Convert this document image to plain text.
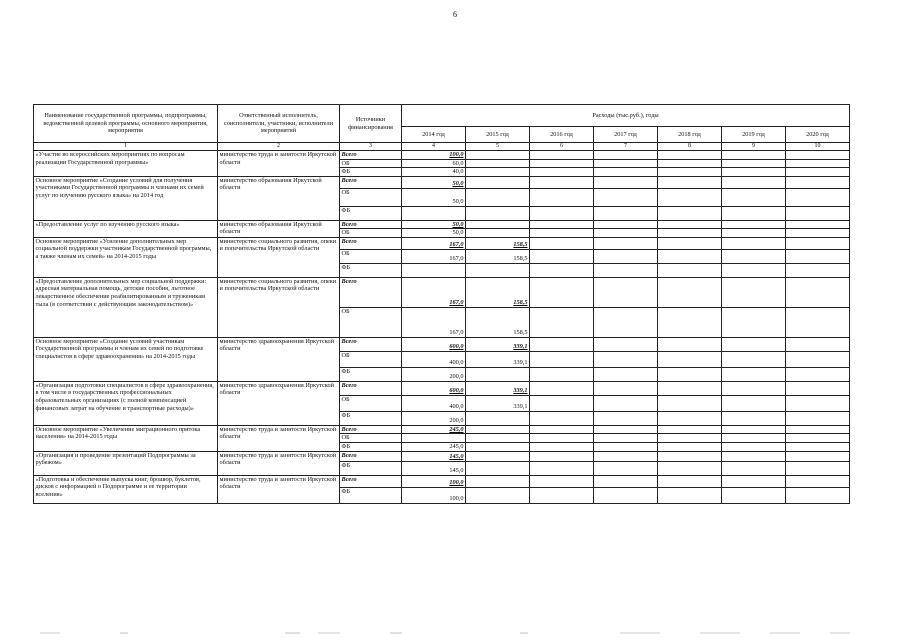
6
Наименование государственной программы, подпрограммы, ведомственной целевой программы, основного мероприятия, мероприятия	Ответственный исполнитель, соисполнители, участники, исполнители мероприятий	Источники финансирования	Расходы (тыс.руб.), годы						
			2014 год	2015 год	2016 год	2017 год	2018 год	2019 год	2020 год
1	2	3	4	5	6	7	8	9	10
«Участие во всероссийских мероприятиях по вопросам реализации Государственной программы»	министерство труда и занятости Иркутской области	Всего	100,0						
		ОБ	60,0						
		ФБ	40,0						
Основное мероприятие «Создание условий для получения участниками Государственной программы и членами их семей услуг по изучению русского языка» на 2014 год	министерство образования Иркутской области	Всего	50,0						
		ОБ	50,0						
		ФБ							
«Предоставление услуг по изучению русского языка»	министерство образования Иркутской области	Всего	50,0						
		ОБ	50,0						
Основное мероприятие «Усиление дополнительных мер социальной поддержки участникам Государственной программы, а также членам их семей» на 2014-2015 годы	министерство социального развития, опеки и попечительства Иркутской области	Всего	167,0	158,5					
		ОБ	167,0	158,5					
		ФБ							
«Предоставление дополнительных мер социальной поддержки: адресная материальная помощь, детские пособия, льготное лекарственное обеспечение реабилитированным и труженикам тыла (в соответствии с действующим законодательством)»	министерство социального развития, опеки и попечительства Иркутской области	Всего	167,0	158,5					
		ОБ	167,0	158,5					
Основное мероприятие «Создание условий участникам Государственной программы и членам их семей по подготовке специалистов в сфере здравоохранения» на 2014-2015 годы	министерство здравоохранения Иркутской области	Всего	600,0	339,1					
		ОБ	400,0	339,1					
		ФБ	200,0						
«Организация подготовки специалистов в сфере здравоохранения, в том числе в государственных профессиональных образовательных организациях (с полной компенсацией финансовых затрат на обучение и транспортные расходы)»	министерство здравоохранения Иркутской области	Всего	600,0	339,1					
		ОБ	400,0	339,1					
		ФБ	200,0						
Основное мероприятие «Увеличение миграционного притока населения» на 2014-2015 годы	министерство труда и занятости Иркутской области	Всего	245,0						
		ОБ							
		ФБ	245,0						
«Организация и проведение презентаций Подпрограммы за рубежом»	министерство труда и занятости Иркутской области	Всего	145,0						
		ФБ	145,0						
«Подготовка и обеспечение выпуска книг, брошюр, буклетов, дисков с информацией о Подпрограмме и ее территории вселения»	министерство труда и занятости Иркутской области	Всего	100,0						
		ФБ	100,0						
